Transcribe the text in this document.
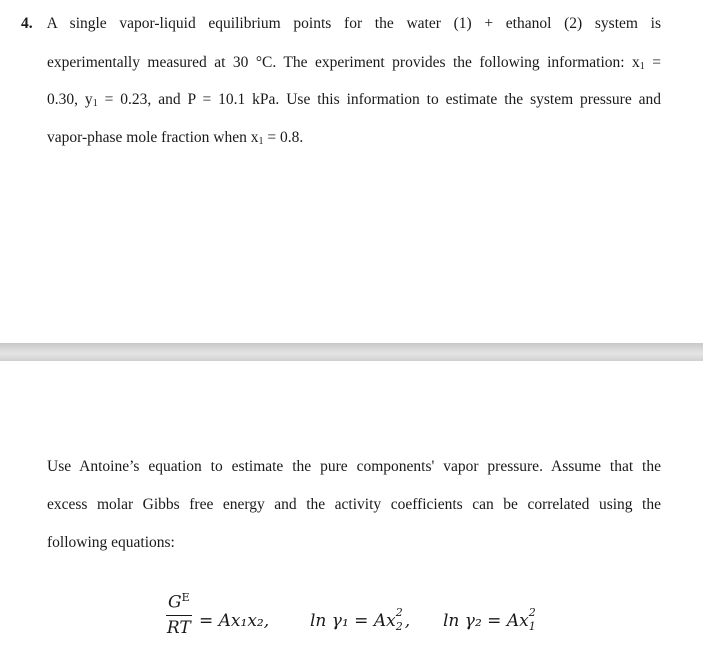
4. A single vapor-liquid equilibrium points for the water (1) + ethanol (2) system is
experimentally measured at 30 °C. The experiment provides the following information: $x_1$ =
0.30, $y_1 = 0.23$, and P = 10.1 kPa. Use this information to estimate the system pressure and
vapor-phase mole fraction when $x_1 = 0.8$.
Use Antoine’s equation to estimate the pure components' vapor pressure. Assume that the
excess molar Gibbs free energy and the activity coefficients can be correlated using the
following equations:
$G^E$
RT = Ax₁x₂, ln γ₁ = Ax 2
2 , ln γ₂ = Ax 2
1
